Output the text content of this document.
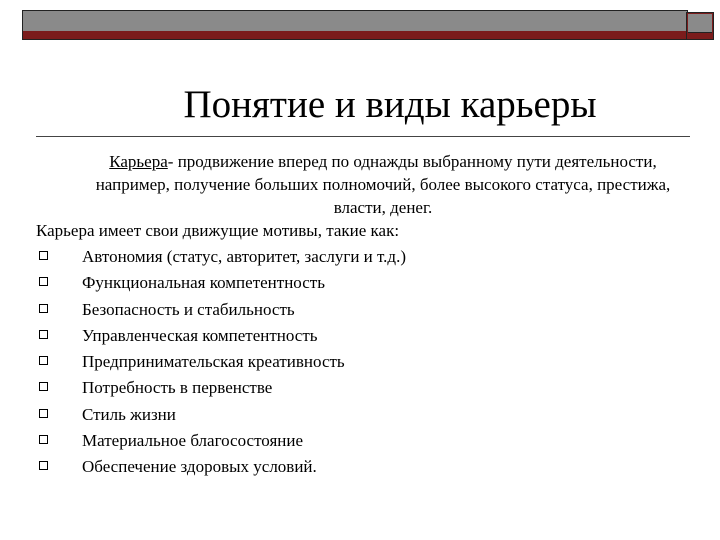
Понятие и виды карьеры
Карьера- продвижение вперед по однажды выбранному пути деятельности, например, получение больших полномочий, более высокого статуса, престижа, власти, денег.
Карьера имеет свои движущие мотивы, такие как:
Автономия (статус, авторитет, заслуги и т.д.)
Функциональная компетентность
Безопасность и стабильность
Управленческая компетентность
Предпринимательская креативность
Потребность в первенстве
Стиль жизни
Материальное благосостояние
Обеспечение здоровых условий.
